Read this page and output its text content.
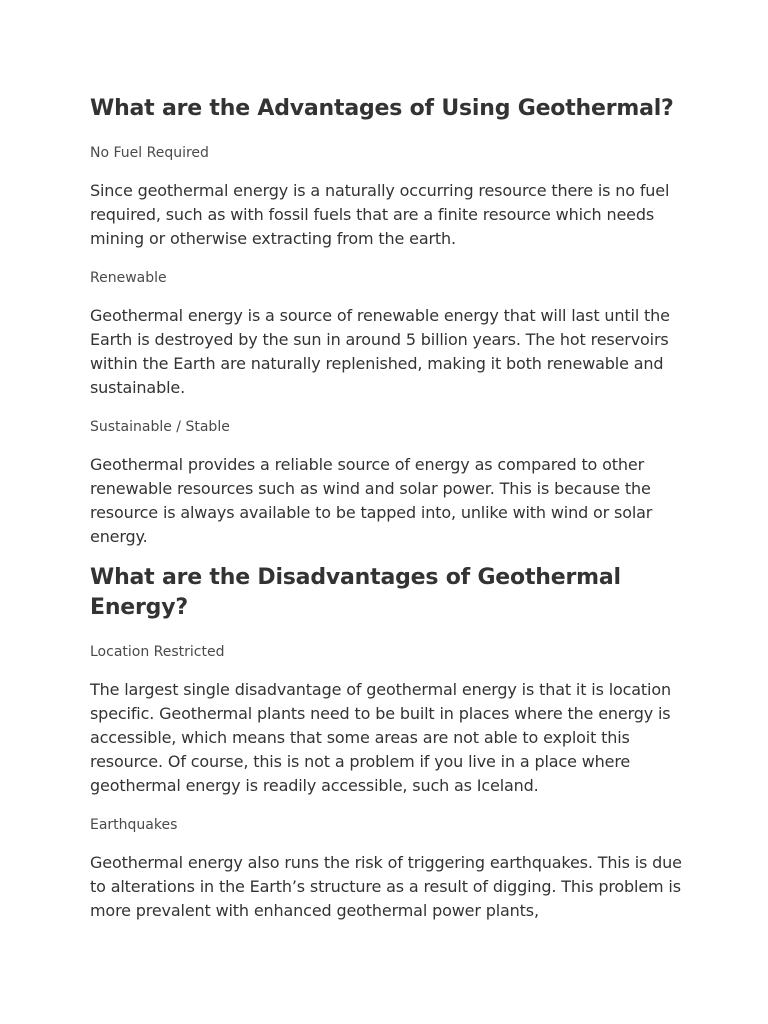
What are the Advantages of Using Geothermal?

No Fuel Required

Since geothermal energy is a naturally occurring resource there is no fuel required, such as with fossil fuels that are a finite resource which needs mining or otherwise extracting from the earth.

Renewable

Geothermal energy is a source of renewable energy that will last until the Earth is destroyed by the sun in around 5 billion years. The hot reservoirs within the Earth are naturally replenished, making it both renewable and sustainable.

Sustainable / Stable

Geothermal provides a reliable source of energy as compared to other renewable resources such as wind and solar power. This is because the resource is always available to be tapped into, unlike with wind or solar energy.

What are the Disadvantages of Geothermal Energy?

Location Restricted

The largest single disadvantage of geothermal energy is that it is location specific. Geothermal plants need to be built in places where the energy is accessible, which means that some areas are not able to exploit this resource. Of course, this is not a problem if you live in a place where geothermal energy is readily accessible, such as Iceland.

Earthquakes

Geothermal energy also runs the risk of triggering earthquakes. This is due to alterations in the Earth’s structure as a result of digging. This problem is more prevalent with enhanced geothermal power plants,
